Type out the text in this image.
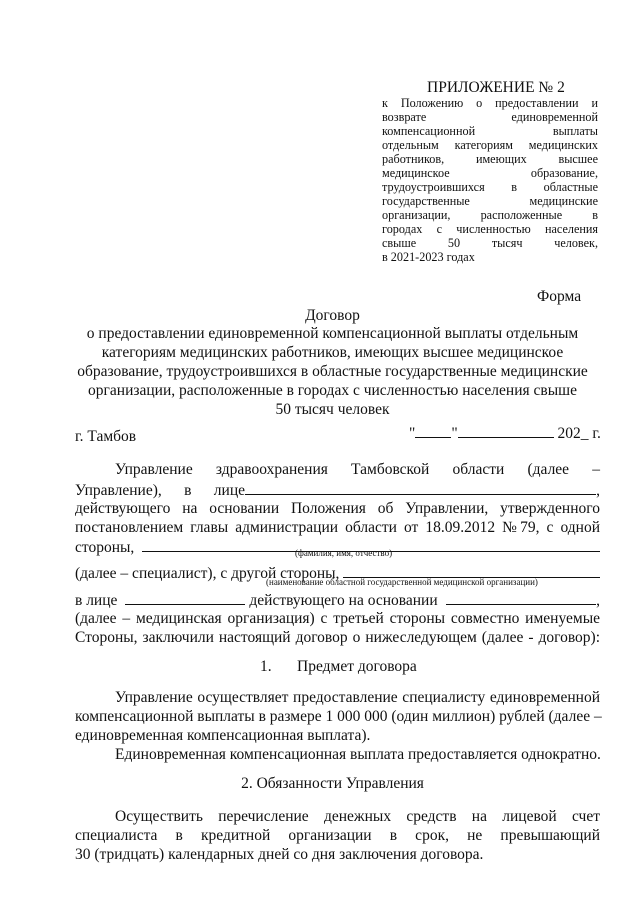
ПРИЛОЖЕНИЕ № 2
к Положению о предоставлении и
возврате единовременной
компенсационной выплаты
отдельным категориям медицинских
работников, имеющих высшее
медицинское образование,
трудоустроившихся в областные
государственные медицинские
организации, расположенные в
городах с численностью населения
свыше 50 тысяч человек,
в 2021-2023 годах
Форма
Договор
о предоставлении единовременной компенсационной выплаты отдельным
категориям медицинских работников, имеющих высшее медицинское
образование, трудоустроившихся в областные государственные медицинские
организации, расположенные в городах с численностью населения свыше
50 тысяч человек
г. Тамбов	" "	202_ г.
Управление здравоохранения Тамбовской области (далее –
Управление), в лице	,
действующего на основании Положения об Управлении, утвержденного
постановлением главы администрации области от 18.09.2012 №79, с одной
стороны,	(фамилия, имя, отчество)
(далее – специалист), с другой стороны,
(наименование областной государственной медицинской организации)
в лице	действующего на основании	,
(далее – медицинская организация) с третьей стороны совместно именуемые
Стороны, заключили настоящий договор о нижеследующем (далее - договор):
1. Предмет договора
Управление осуществляет предоставление специалисту единовременной
компенсационной выплаты в размере 1 000 000 (один миллион) рублей (далее –
единовременная компенсационная выплата).
Единовременная компенсационная выплата предоставляется однократно.
2. Обязанности Управления
Осуществить перечисление денежных средств на лицевой счет
специалиста в кредитной организации в срок, не превышающий
30 (тридцать) календарных дней со дня заключения договора.
